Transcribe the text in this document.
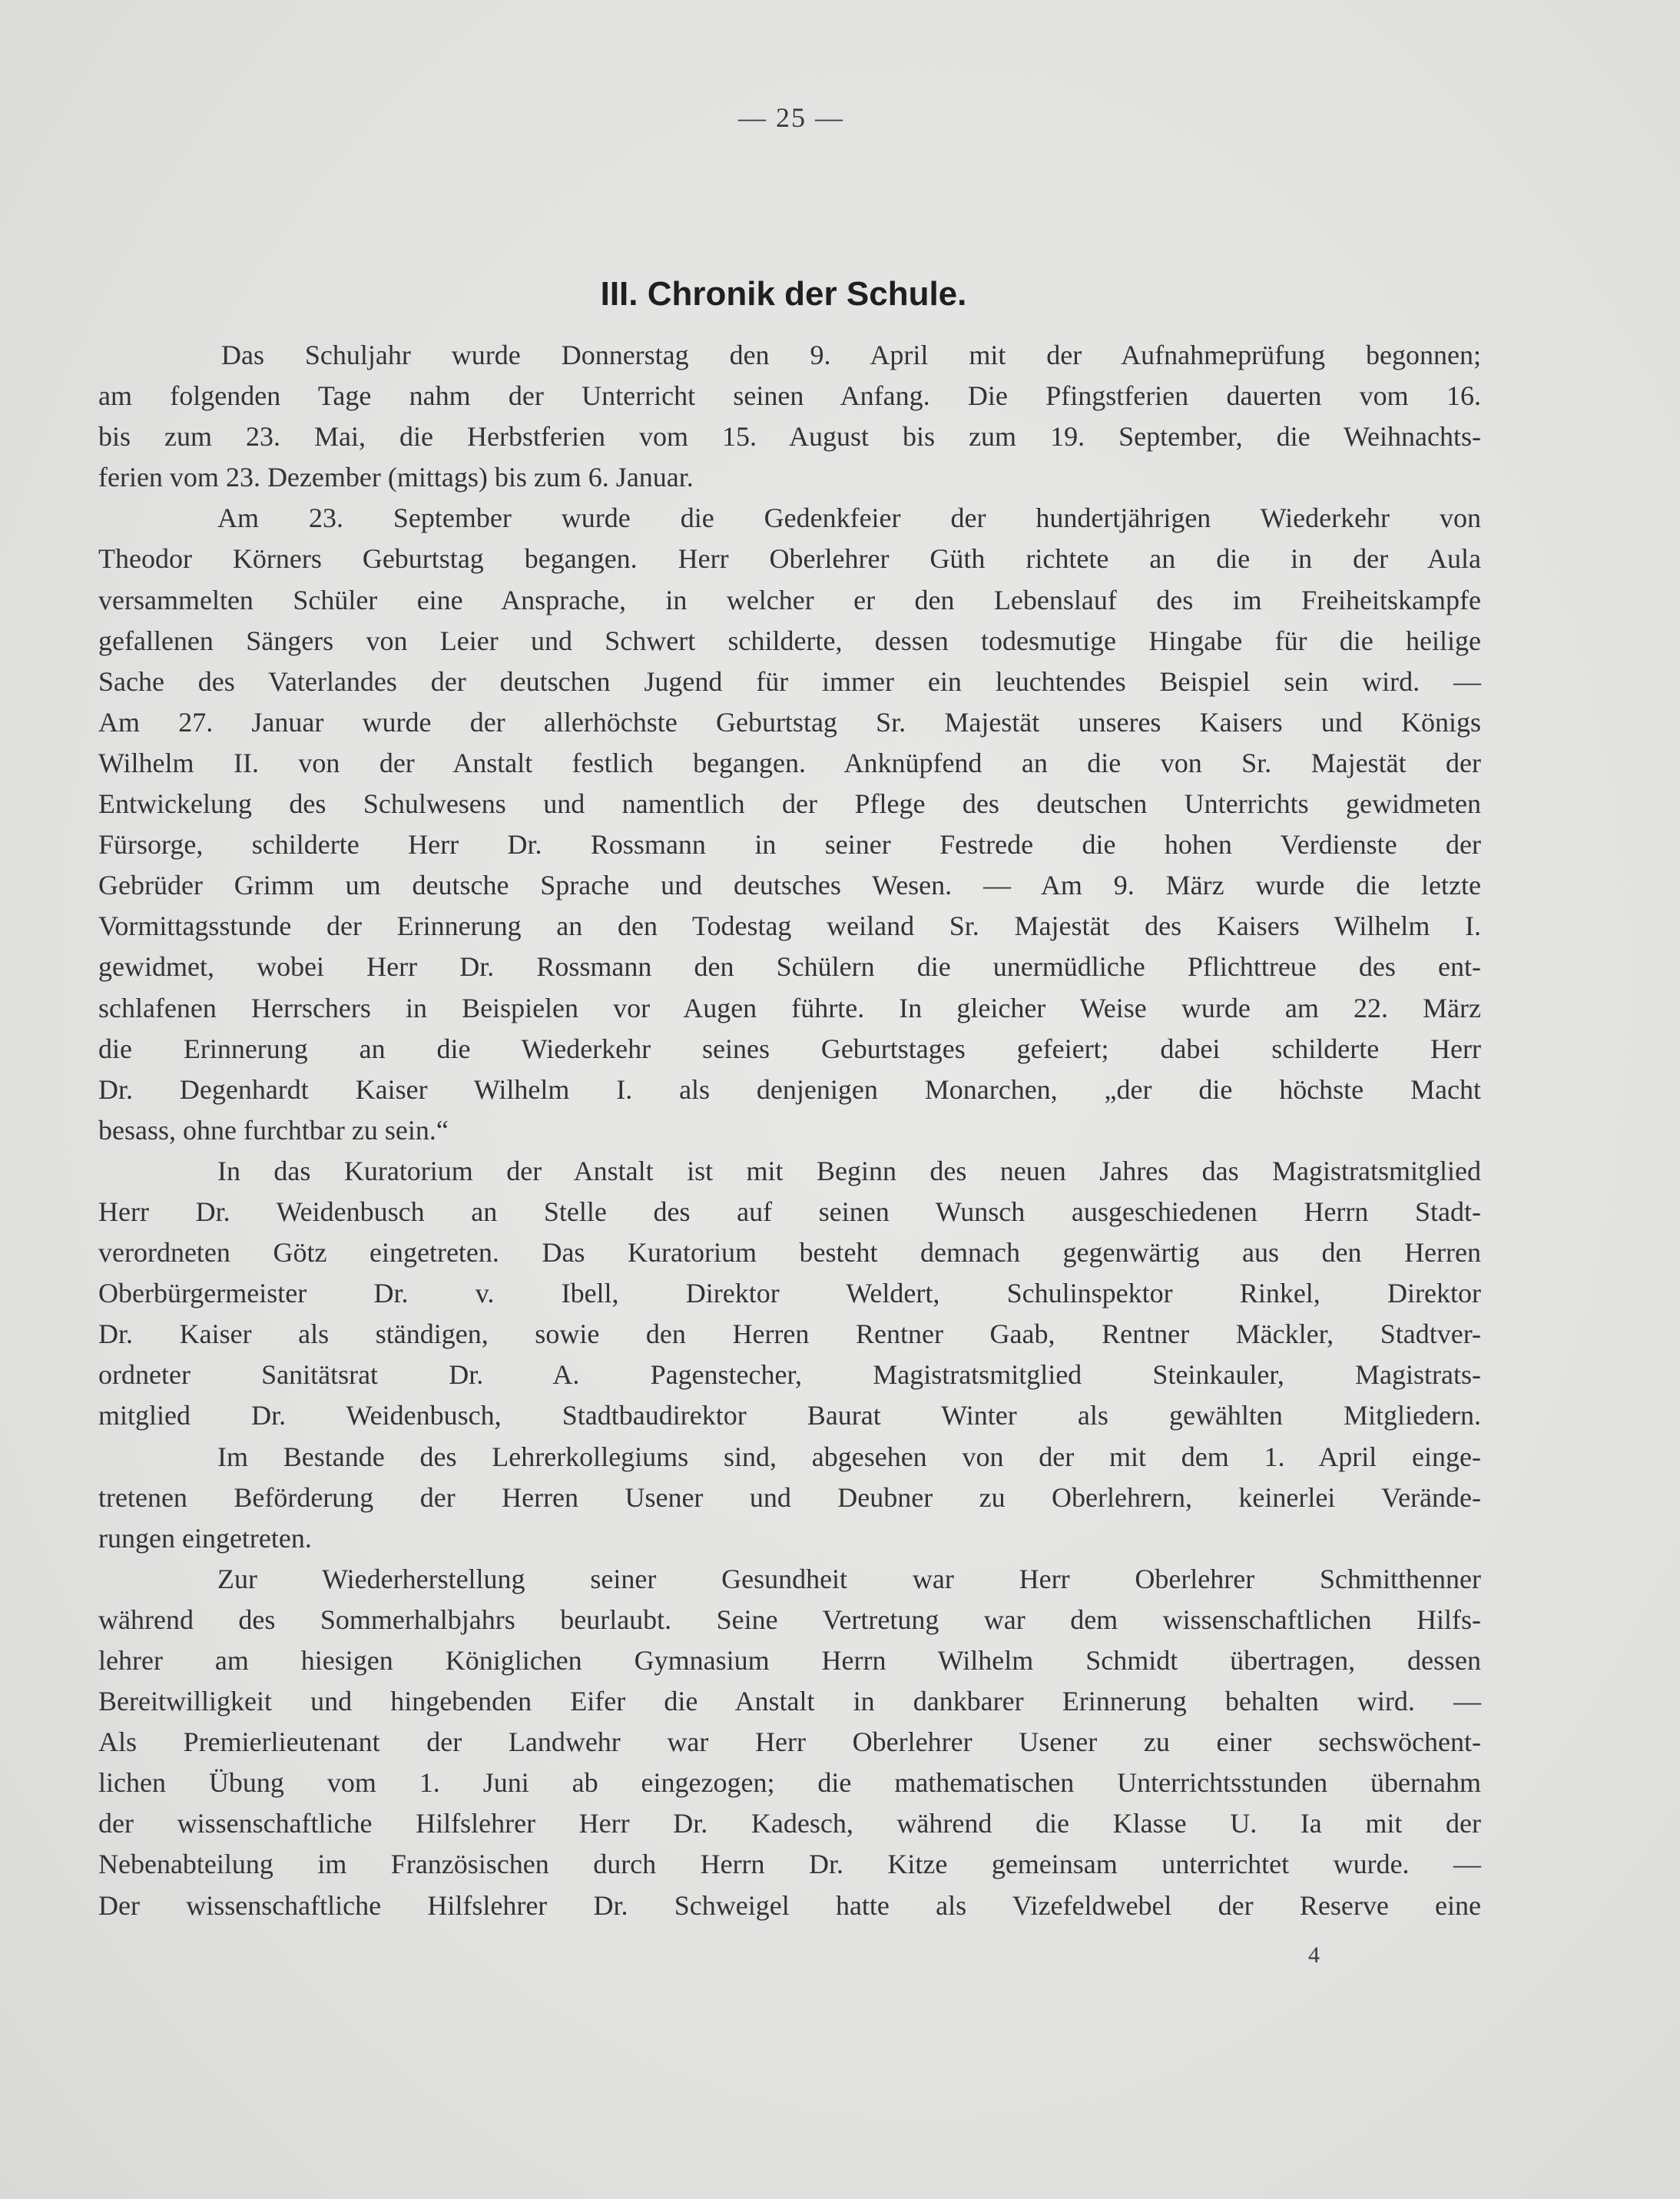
— 25 —
III. Chronik der Schule.
Das Schuljahr wurde Donnerstag den 9. April mit der Aufnahmeprüfung begonnen;
am folgenden Tage nahm der Unterricht seinen Anfang. Die Pfingstferien dauerten vom 16.
bis zum 23. Mai, die Herbstferien vom 15. August bis zum 19. September, die Weihnachts-
ferien vom 23. Dezember (mittags) bis zum 6. Januar.
Am 23. September wurde die Gedenkfeier der hundertjährigen Wiederkehr von
Theodor Körners Geburtstag begangen. Herr Oberlehrer Güth richtete an die in der Aula
versammelten Schüler eine Ansprache, in welcher er den Lebenslauf des im Freiheitskampfe
gefallenen Sängers von Leier und Schwert schilderte, dessen todesmutige Hingabe für die heilige
Sache des Vaterlandes der deutschen Jugend für immer ein leuchtendes Beispiel sein wird. —
Am 27. Januar wurde der allerhöchste Geburtstag Sr. Majestät unseres Kaisers und Königs
Wilhelm II. von der Anstalt festlich begangen. Anknüpfend an die von Sr. Majestät der
Entwickelung des Schulwesens und namentlich der Pflege des deutschen Unterrichts gewidmeten
Fürsorge, schilderte Herr Dr. Rossmann in seiner Festrede die hohen Verdienste der
Gebrüder Grimm um deutsche Sprache und deutsches Wesen. — Am 9. März wurde die letzte
Vormittagsstunde der Erinnerung an den Todestag weiland Sr. Majestät des Kaisers Wilhelm I.
gewidmet, wobei Herr Dr. Rossmann den Schülern die unermüdliche Pflichttreue des ent-
schlafenen Herrschers in Beispielen vor Augen führte. In gleicher Weise wurde am 22. März
die Erinnerung an die Wiederkehr seines Geburtstages gefeiert; dabei schilderte Herr
Dr. Degenhardt Kaiser Wilhelm I. als denjenigen Monarchen, „der die höchste Macht
besass, ohne furchtbar zu sein.“
In das Kuratorium der Anstalt ist mit Beginn des neuen Jahres das Magistratsmitglied
Herr Dr. Weidenbusch an Stelle des auf seinen Wunsch ausgeschiedenen Herrn Stadt-
verordneten Götz eingetreten. Das Kuratorium besteht demnach gegenwärtig aus den Herren
Oberbürgermeister Dr. v. Ibell, Direktor Weldert, Schulinspektor Rinkel, Direktor
Dr. Kaiser als ständigen, sowie den Herren Rentner Gaab, Rentner Mäckler, Stadtver-
ordneter Sanitätsrat Dr. A. Pagenstecher, Magistratsmitglied Steinkauler, Magistrats-
mitglied Dr. Weidenbusch, Stadtbaudirektor Baurat Winter als gewählten Mitgliedern.
Im Bestande des Lehrerkollegiums sind, abgesehen von der mit dem 1. April einge-
tretenen Beförderung der Herren Usener und Deubner zu Oberlehrern, keinerlei Verände-
rungen eingetreten.
Zur Wiederherstellung seiner Gesundheit war Herr Oberlehrer Schmitthenner
während des Sommerhalbjahrs beurlaubt. Seine Vertretung war dem wissenschaftlichen Hilfs-
lehrer am hiesigen Königlichen Gymnasium Herrn Wilhelm Schmidt übertragen, dessen
Bereitwilligkeit und hingebenden Eifer die Anstalt in dankbarer Erinnerung behalten wird. —
Als Premierlieutenant der Landwehr war Herr Oberlehrer Usener zu einer sechswöchent-
lichen Übung vom 1. Juni ab eingezogen; die mathematischen Unterrichtsstunden übernahm
der wissenschaftliche Hilfslehrer Herr Dr. Kadesch, während die Klasse U. Ia mit der
Nebenabteilung im Französischen durch Herrn Dr. Kitze gemeinsam unterrichtet wurde. —
Der wissenschaftliche Hilfslehrer Dr. Schweigel hatte als Vizefeldwebel der Reserve eine
4
